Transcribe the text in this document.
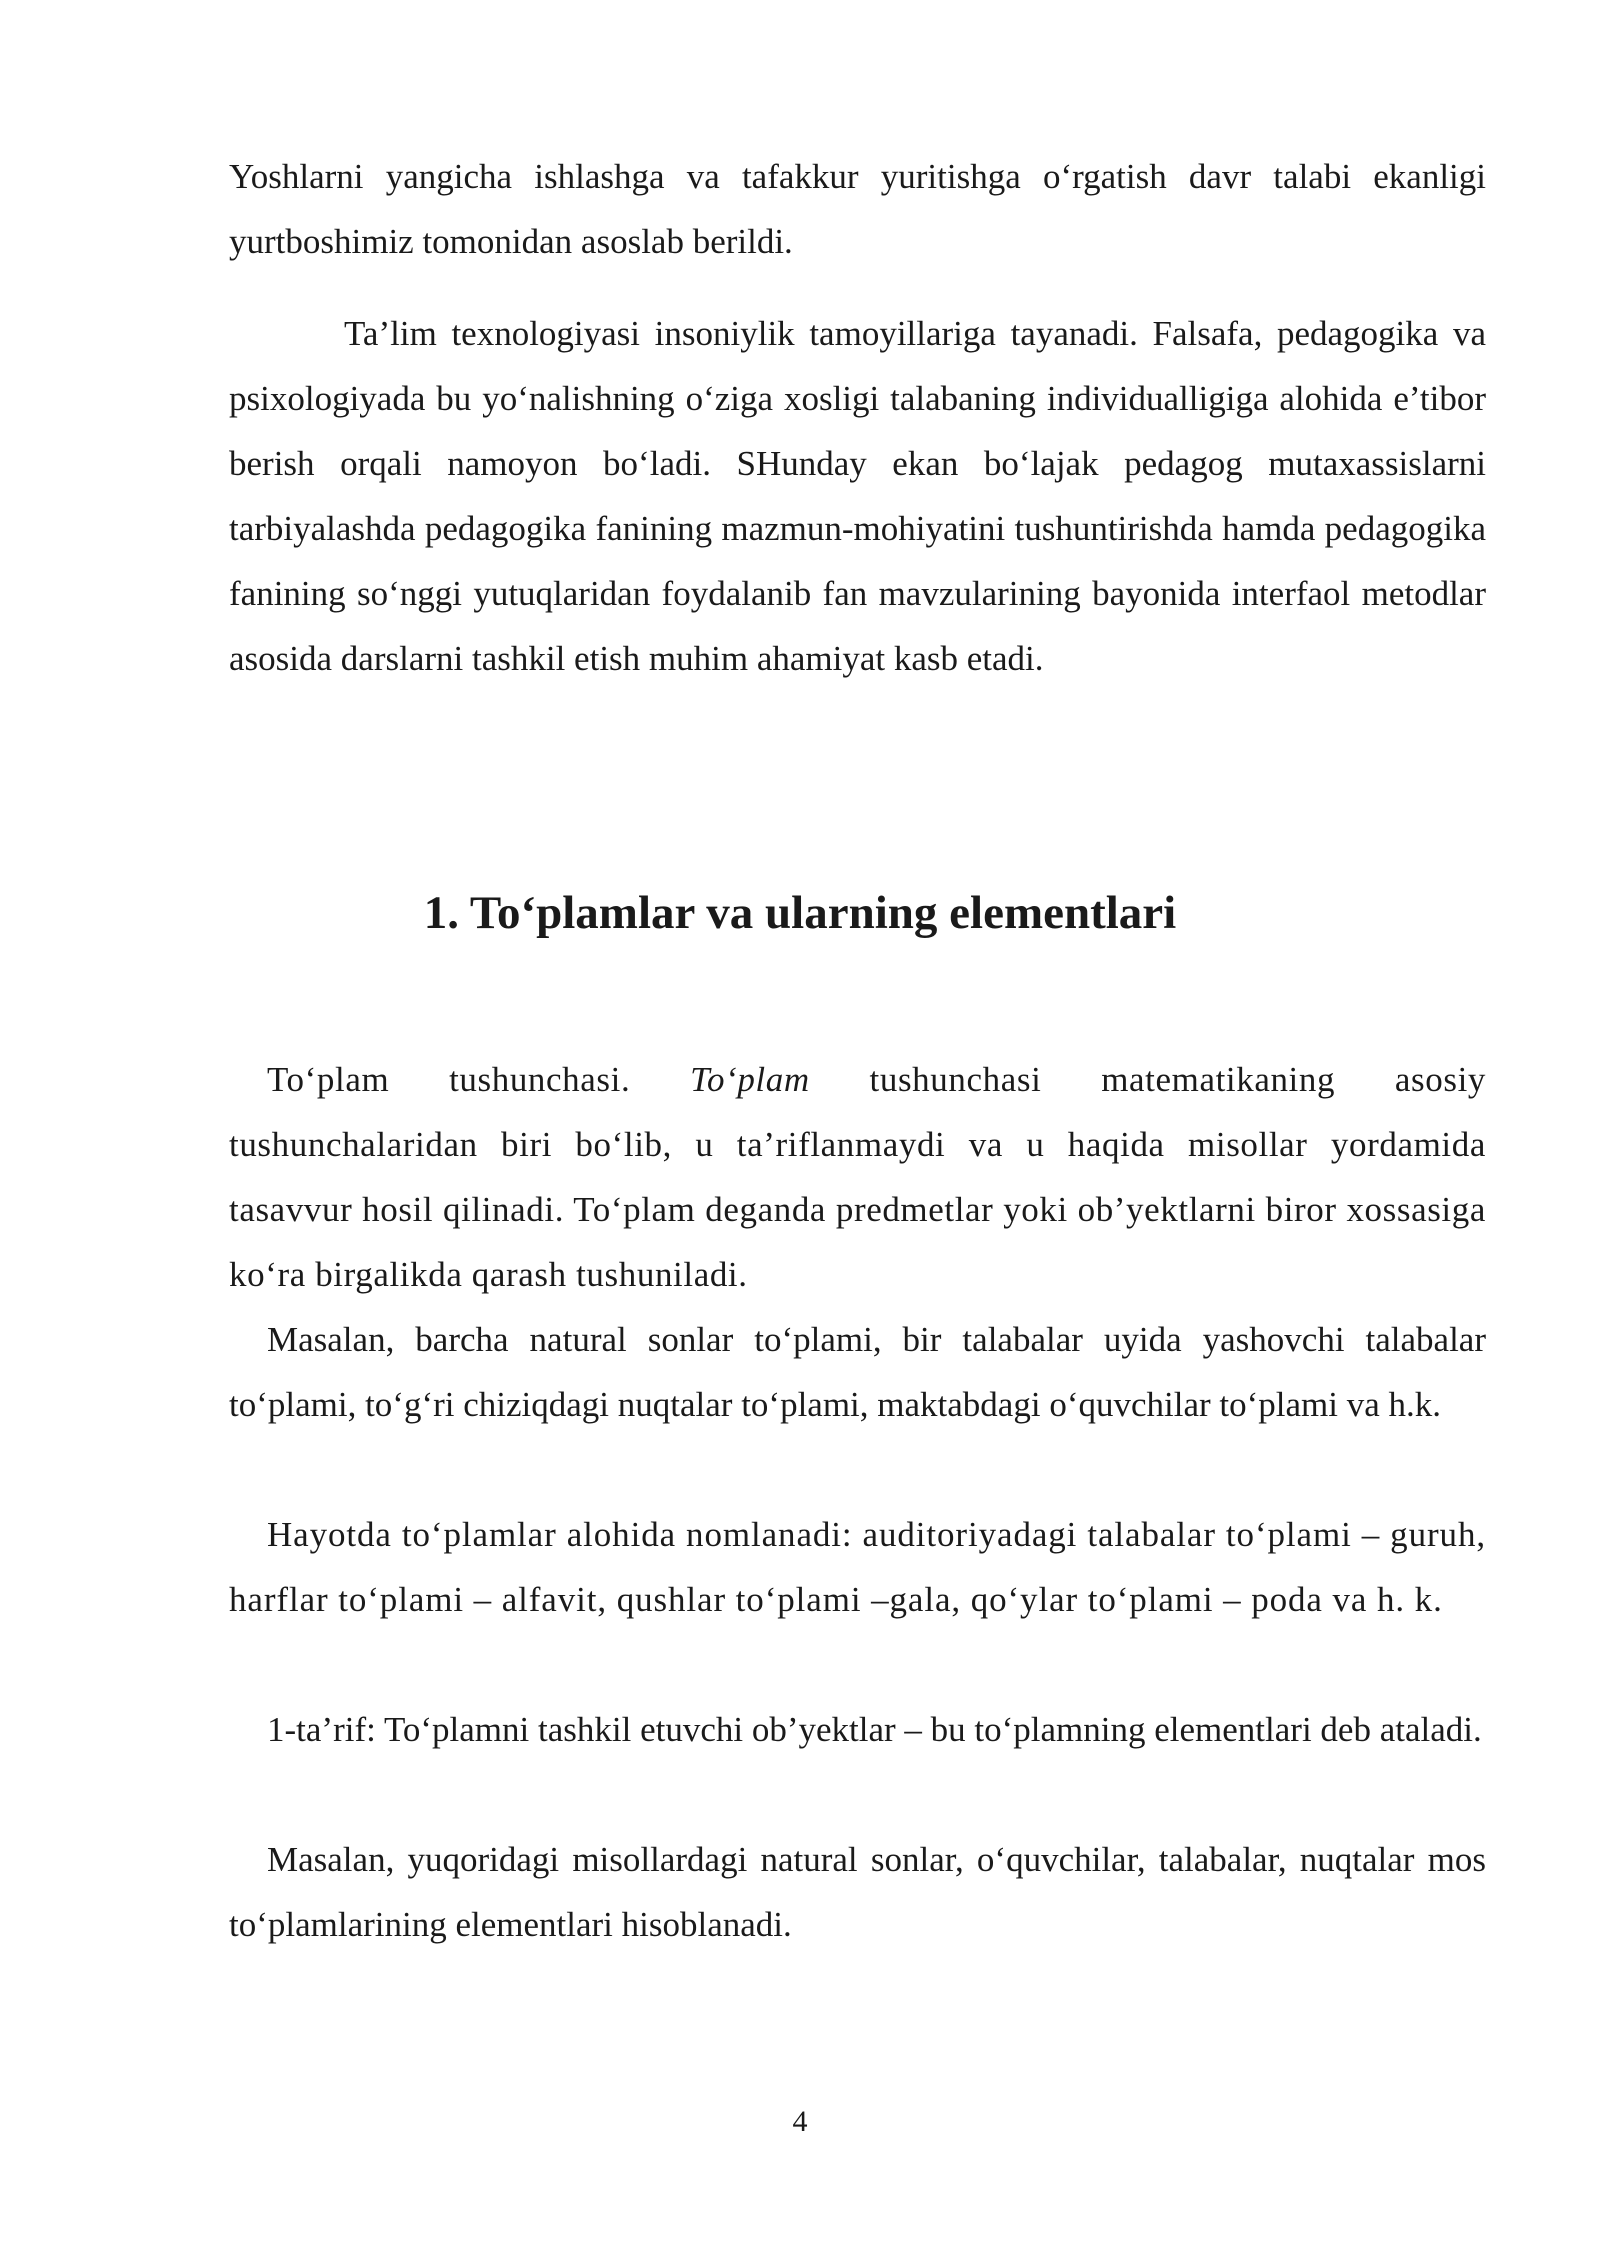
Yoshlarni yangicha ishlashga va tafakkur yuritishga o‘rgatish davr talabi ekanligi yurtboshimiz tomonidan asoslab berildi.

Ta’lim texnologiyasi insoniylik tamoyillariga tayanadi. Falsafa, pedagogika va psixologiyada bu yo‘nalishning o‘ziga xosligi talabaning individualligiga alohida e’tibor berish orqali namoyon bo‘ladi. SHunday ekan bo‘lajak pedagog mutaxassislarni tarbiyalashda pedagogika fanining mazmun-mohiyatini tushuntirishda hamda pedagogika fanining so‘nggi yutuqlaridan foydalanib fan mavzularining bayonida interfaol metodlar asosida darslarni tashkil etish muhim ahamiyat kasb etadi.

1. To‘plamlar va ularning elementlari

To‘plam tushunchasi. To‘plam tushunchasi matematikaning asosiy tushunchalaridan biri bo‘lib, u ta’riflanmaydi va u haqida misollar yordamida tasavvur hosil qilinadi. To‘plam deganda predmetlar yoki ob’yektlarni biror xossasiga ko‘ra birgalikda qarash tushuniladi.

Masalan, barcha natural sonlar to‘plami, bir talabalar uyida yashovchi talabalar to‘plami, to‘g‘ri chiziqdagi nuqtalar to‘plami, maktabdagi o‘quvchilar to‘plami va h.k.

Hayotda to‘plamlar alohida nomlanadi: auditoriyadagi talabalar to‘plami – guruh, harflar to‘plami – alfavit, qushlar to‘plami –gala, qo‘ylar to‘plami – poda va h. k.

1-ta’rif: To‘plamni tashkil etuvchi ob’yektlar – bu to‘plamning elementlari deb ataladi.

Masalan, yuqoridagi misollardagi natural sonlar, o‘quvchilar, talabalar, nuqtalar mos to‘plamlarining elementlari hisoblanadi.

4
